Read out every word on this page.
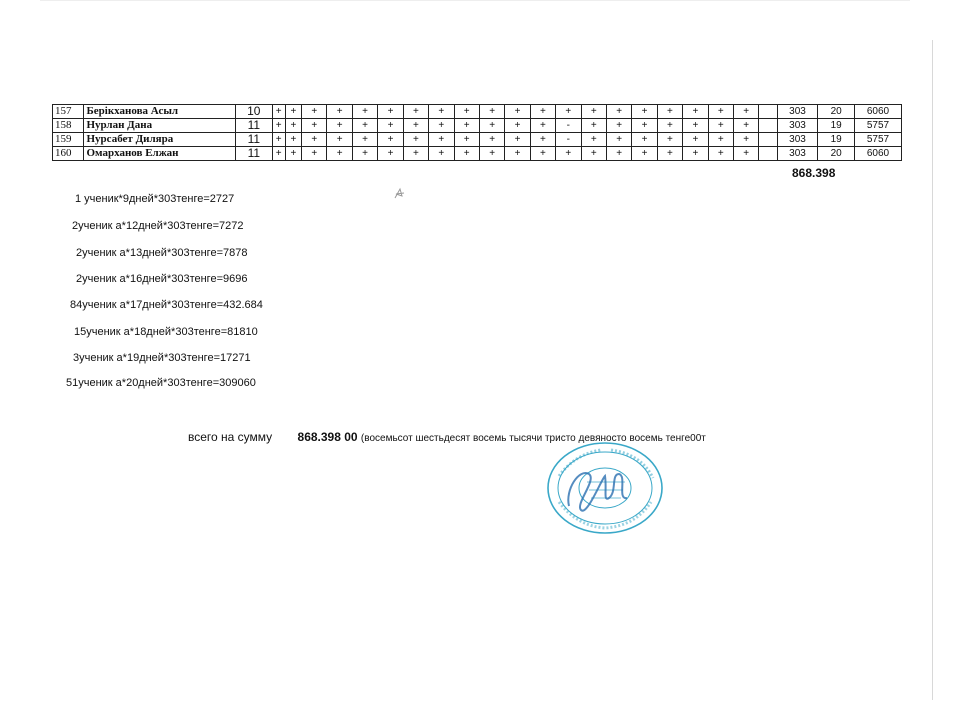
157	Берікханова Асыл	10	+	+	+	+	+	+	+	+	+	+	+	+	+	+	+	+	+	+	+	+		303	20	6060
158	Нурлан Дана	11	+	+	+	+	+	+	+	+	+	+	+	+	-	+	+	+	+	+	+	+		303	19	5757
159	Нурсабет Диляра	11	+	+	+	+	+	+	+	+	+	+	+	+	-	+	+	+	+	+	+	+		303	19	5757
160	Омарханов Елжан	11	+	+	+	+	+	+	+	+	+	+	+	+	+	+	+	+	+	+	+	+		303	20	6060
868.398
1 ученик*9дней*303тенге=2727
2ученик а*12дней*303тенге=7272
2ученик а*13дней*303тенге=7878
2ученик а*16дней*303тенге=9696
84ученик а*17дней*303тенге=432.684
15ученик а*18дней*303тенге=81810
3ученик а*19дней*303тенге=17271
51ученик а*20дней*303тенге=309060
всего на сумму 868.398 00 (восемьсот шестьдесят восемь тысячи тристо девяносто восемь тенге00т
